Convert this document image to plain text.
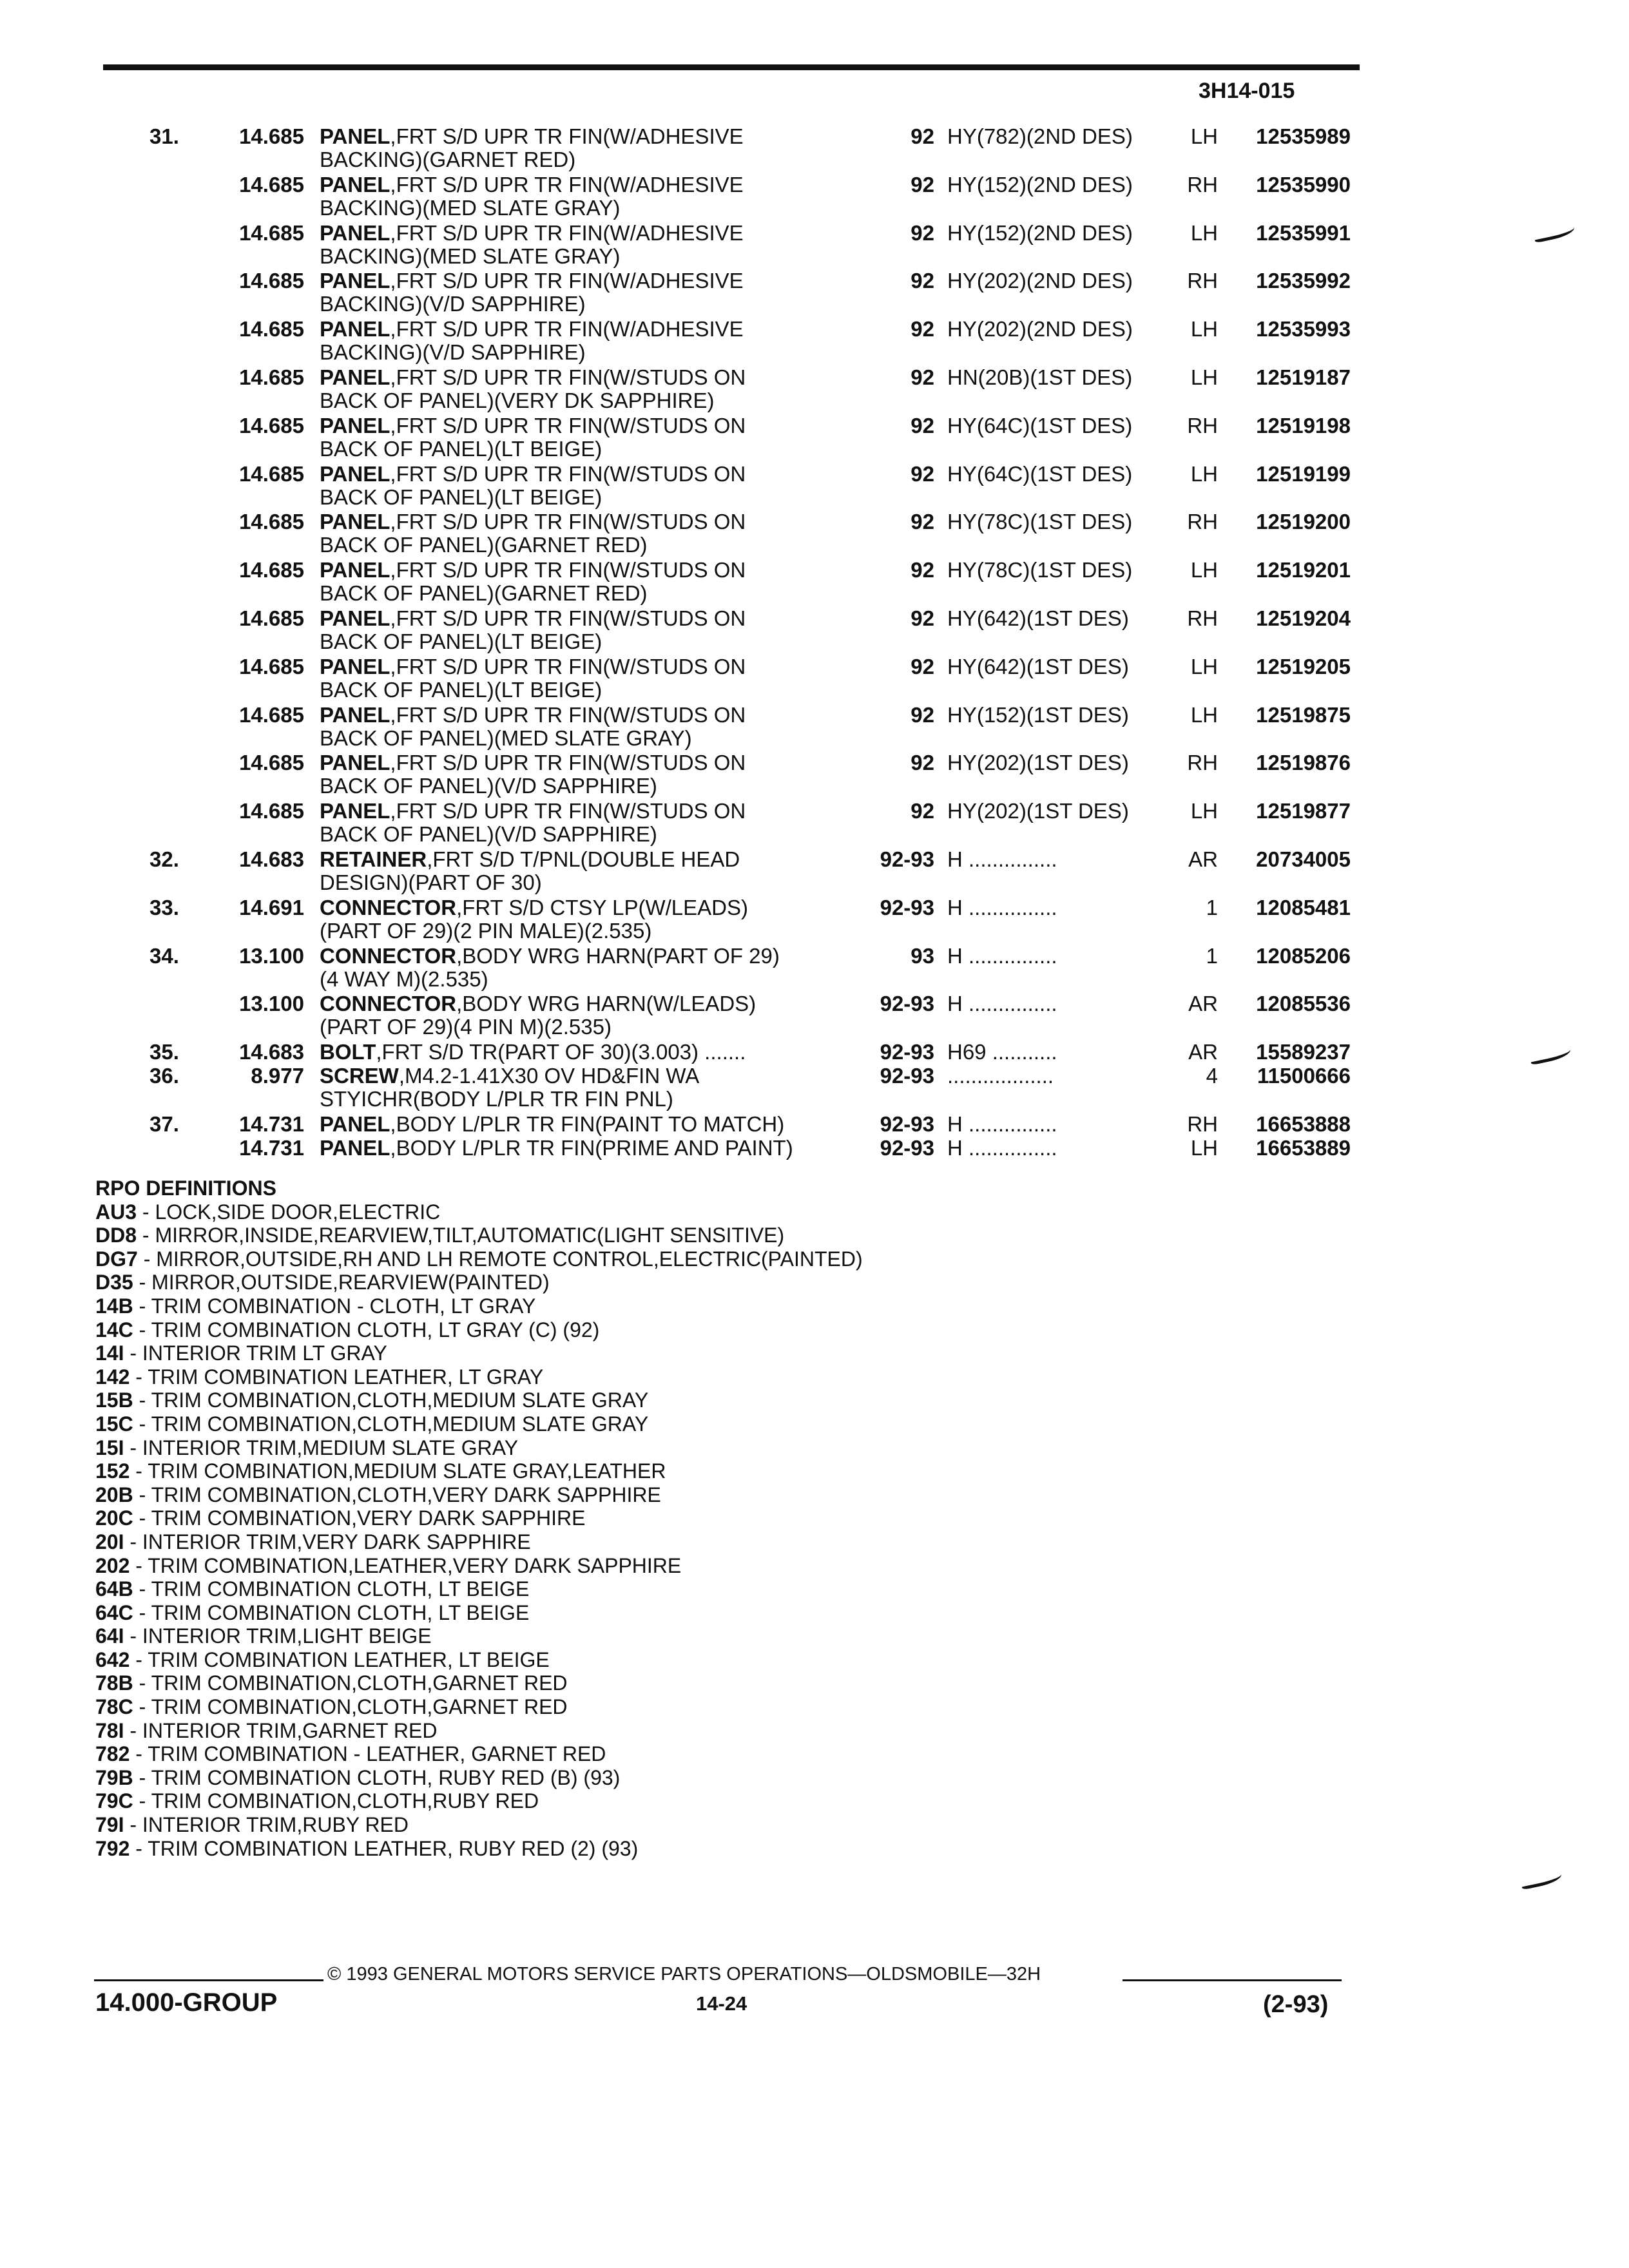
3H14-015
31.	14.685 PANEL,FRT S/D UPR TR FIN(W/ADHESIVE
BACKING)(GARNET RED)
92 HY(782)(2ND DES)	LH 12535989
14.685 PANEL,FRT S/D UPR TR FIN(W/ADHESIVE
BACKING)(MED SLATE GRAY)
92 HY(152)(2ND DES)	RH 12535990
14.685 PANEL,FRT S/D UPR TR FIN(W/ADHESIVE
BACKING)(MED SLATE GRAY)
92 HY(152)(2ND DES)	LH 12535991
14.685 PANEL,FRT S/D UPR TR FIN(W/ADHESIVE
BACKING)(V/D SAPPHIRE)
92 HY(202)(2ND DES)	RH 12535992
14.685 PANEL,FRT S/D UPR TR FIN(W/ADHESIVE
BACKING)(V/D SAPPHIRE)
92 HY(202)(2ND DES)	LH 12535993
14.685 PANEL,FRT S/D UPR TR FIN(W/STUDS ON
BACK OF PANEL)(VERY DK SAPPHIRE)
92 HN(20B)(1ST DES)	LH 12519187
14.685 PANEL,FRT S/D UPR TR FIN(W/STUDS ON
BACK OF PANEL)(LT BEIGE)
92 HY(64C)(1ST DES)	RH 12519198
14.685 PANEL,FRT S/D UPR TR FIN(W/STUDS ON
BACK OF PANEL)(LT BEIGE)
92 HY(64C)(1ST DES)	LH 12519199
14.685 PANEL,FRT S/D UPR TR FIN(W/STUDS ON
BACK OF PANEL)(GARNET RED)
92 HY(78C)(1ST DES)	RH 12519200
14.685 PANEL,FRT S/D UPR TR FIN(W/STUDS ON
BACK OF PANEL)(GARNET RED)
92 HY(78C)(1ST DES)	LH 12519201
14.685 PANEL,FRT S/D UPR TR FIN(W/STUDS ON
BACK OF PANEL)(LT BEIGE)
92 HY(642)(1ST DES)	RH 12519204
14.685 PANEL,FRT S/D UPR TR FIN(W/STUDS ON
BACK OF PANEL)(LT BEIGE)
92 HY(642)(1ST DES)	LH 12519205
14.685 PANEL,FRT S/D UPR TR FIN(W/STUDS ON
BACK OF PANEL)(MED SLATE GRAY)
92 HY(152)(1ST DES)	LH 12519875
14.685 PANEL,FRT S/D UPR TR FIN(W/STUDS ON
BACK OF PANEL)(V/D SAPPHIRE)
92 HY(202)(1ST DES)	RH 12519876
14.685 PANEL,FRT S/D UPR TR FIN(W/STUDS ON
BACK OF PANEL)(V/D SAPPHIRE)
92 HY(202)(1ST DES)	LH 12519877
32.	14.683 RETAINER,FRT S/D T/PNL(DOUBLE HEAD
DESIGN)(PART OF 30)
92-93 H ...............	AR 20734005
33.	14.691 CONNECTOR,FRT S/D CTSY LP(W/LEADS)
(PART OF 29)(2 PIN MALE)(2.535)
92-93 H ...............	1 12085481
34.	13.100 CONNECTOR,BODY WRG HARN(PART OF 29)
(4 WAY M)(2.535)
93 H ...............	1 12085206
13.100 CONNECTOR,BODY WRG HARN(W/LEADS)
(PART OF 29)(4 PIN M)(2.535)
92-93 H ...............	AR 12085536
35.	14.683 BOLT,FRT S/D TR(PART OF 30)(3.003) .......	92-93 H69 ...........	AR 15589237
36.	8.977 SCREW,M4.2-1.41X30 OV HD&FIN WA
STYICHR(BODY L/PLR TR FIN PNL)
92-93 ..................	4 11500666
37.	14.731 PANEL,BODY L/PLR TR FIN(PAINT TO MATCH)	92-93 H ...............	RH 16653888
14.731 PANEL,BODY L/PLR TR FIN(PRIME AND PAINT)	92-93 H ...............	LH 16653889
RPO DEFINITIONS
AU3 - LOCK,SIDE DOOR,ELECTRIC
DD8 - MIRROR,INSIDE,REARVIEW,TILT,AUTOMATIC(LIGHT SENSITIVE)
DG7 - MIRROR,OUTSIDE,RH AND LH REMOTE CONTROL,ELECTRIC(PAINTED)
D35 - MIRROR,OUTSIDE,REARVIEW(PAINTED)
14B - TRIM COMBINATION - CLOTH, LT GRAY
14C - TRIM COMBINATION CLOTH, LT GRAY (C) (92)
14I - INTERIOR TRIM LT GRAY
142 - TRIM COMBINATION LEATHER, LT GRAY
15B - TRIM COMBINATION,CLOTH,MEDIUM SLATE GRAY
15C - TRIM COMBINATION,CLOTH,MEDIUM SLATE GRAY
15I - INTERIOR TRIM,MEDIUM SLATE GRAY
152 - TRIM COMBINATION,MEDIUM SLATE GRAY,LEATHER
20B - TRIM COMBINATION,CLOTH,VERY DARK SAPPHIRE
20C - TRIM COMBINATION,VERY DARK SAPPHIRE
20I - INTERIOR TRIM,VERY DARK SAPPHIRE
202 - TRIM COMBINATION,LEATHER,VERY DARK SAPPHIRE
64B - TRIM COMBINATION CLOTH, LT BEIGE
64C - TRIM COMBINATION CLOTH, LT BEIGE
64I - INTERIOR TRIM,LIGHT BEIGE
642 - TRIM COMBINATION LEATHER, LT BEIGE
78B - TRIM COMBINATION,CLOTH,GARNET RED
78C - TRIM COMBINATION,CLOTH,GARNET RED
78I - INTERIOR TRIM,GARNET RED
782 - TRIM COMBINATION - LEATHER, GARNET RED
79B - TRIM COMBINATION CLOTH, RUBY RED (B) (93)
79C - TRIM COMBINATION,CLOTH,RUBY RED
79I - INTERIOR TRIM,RUBY RED
792 - TRIM COMBINATION LEATHER, RUBY RED (2) (93)
© 1993 GENERAL MOTORS SERVICE PARTS OPERATIONS—OLDSMOBILE—32H
14.000-GROUP	14-24	(2-93)
